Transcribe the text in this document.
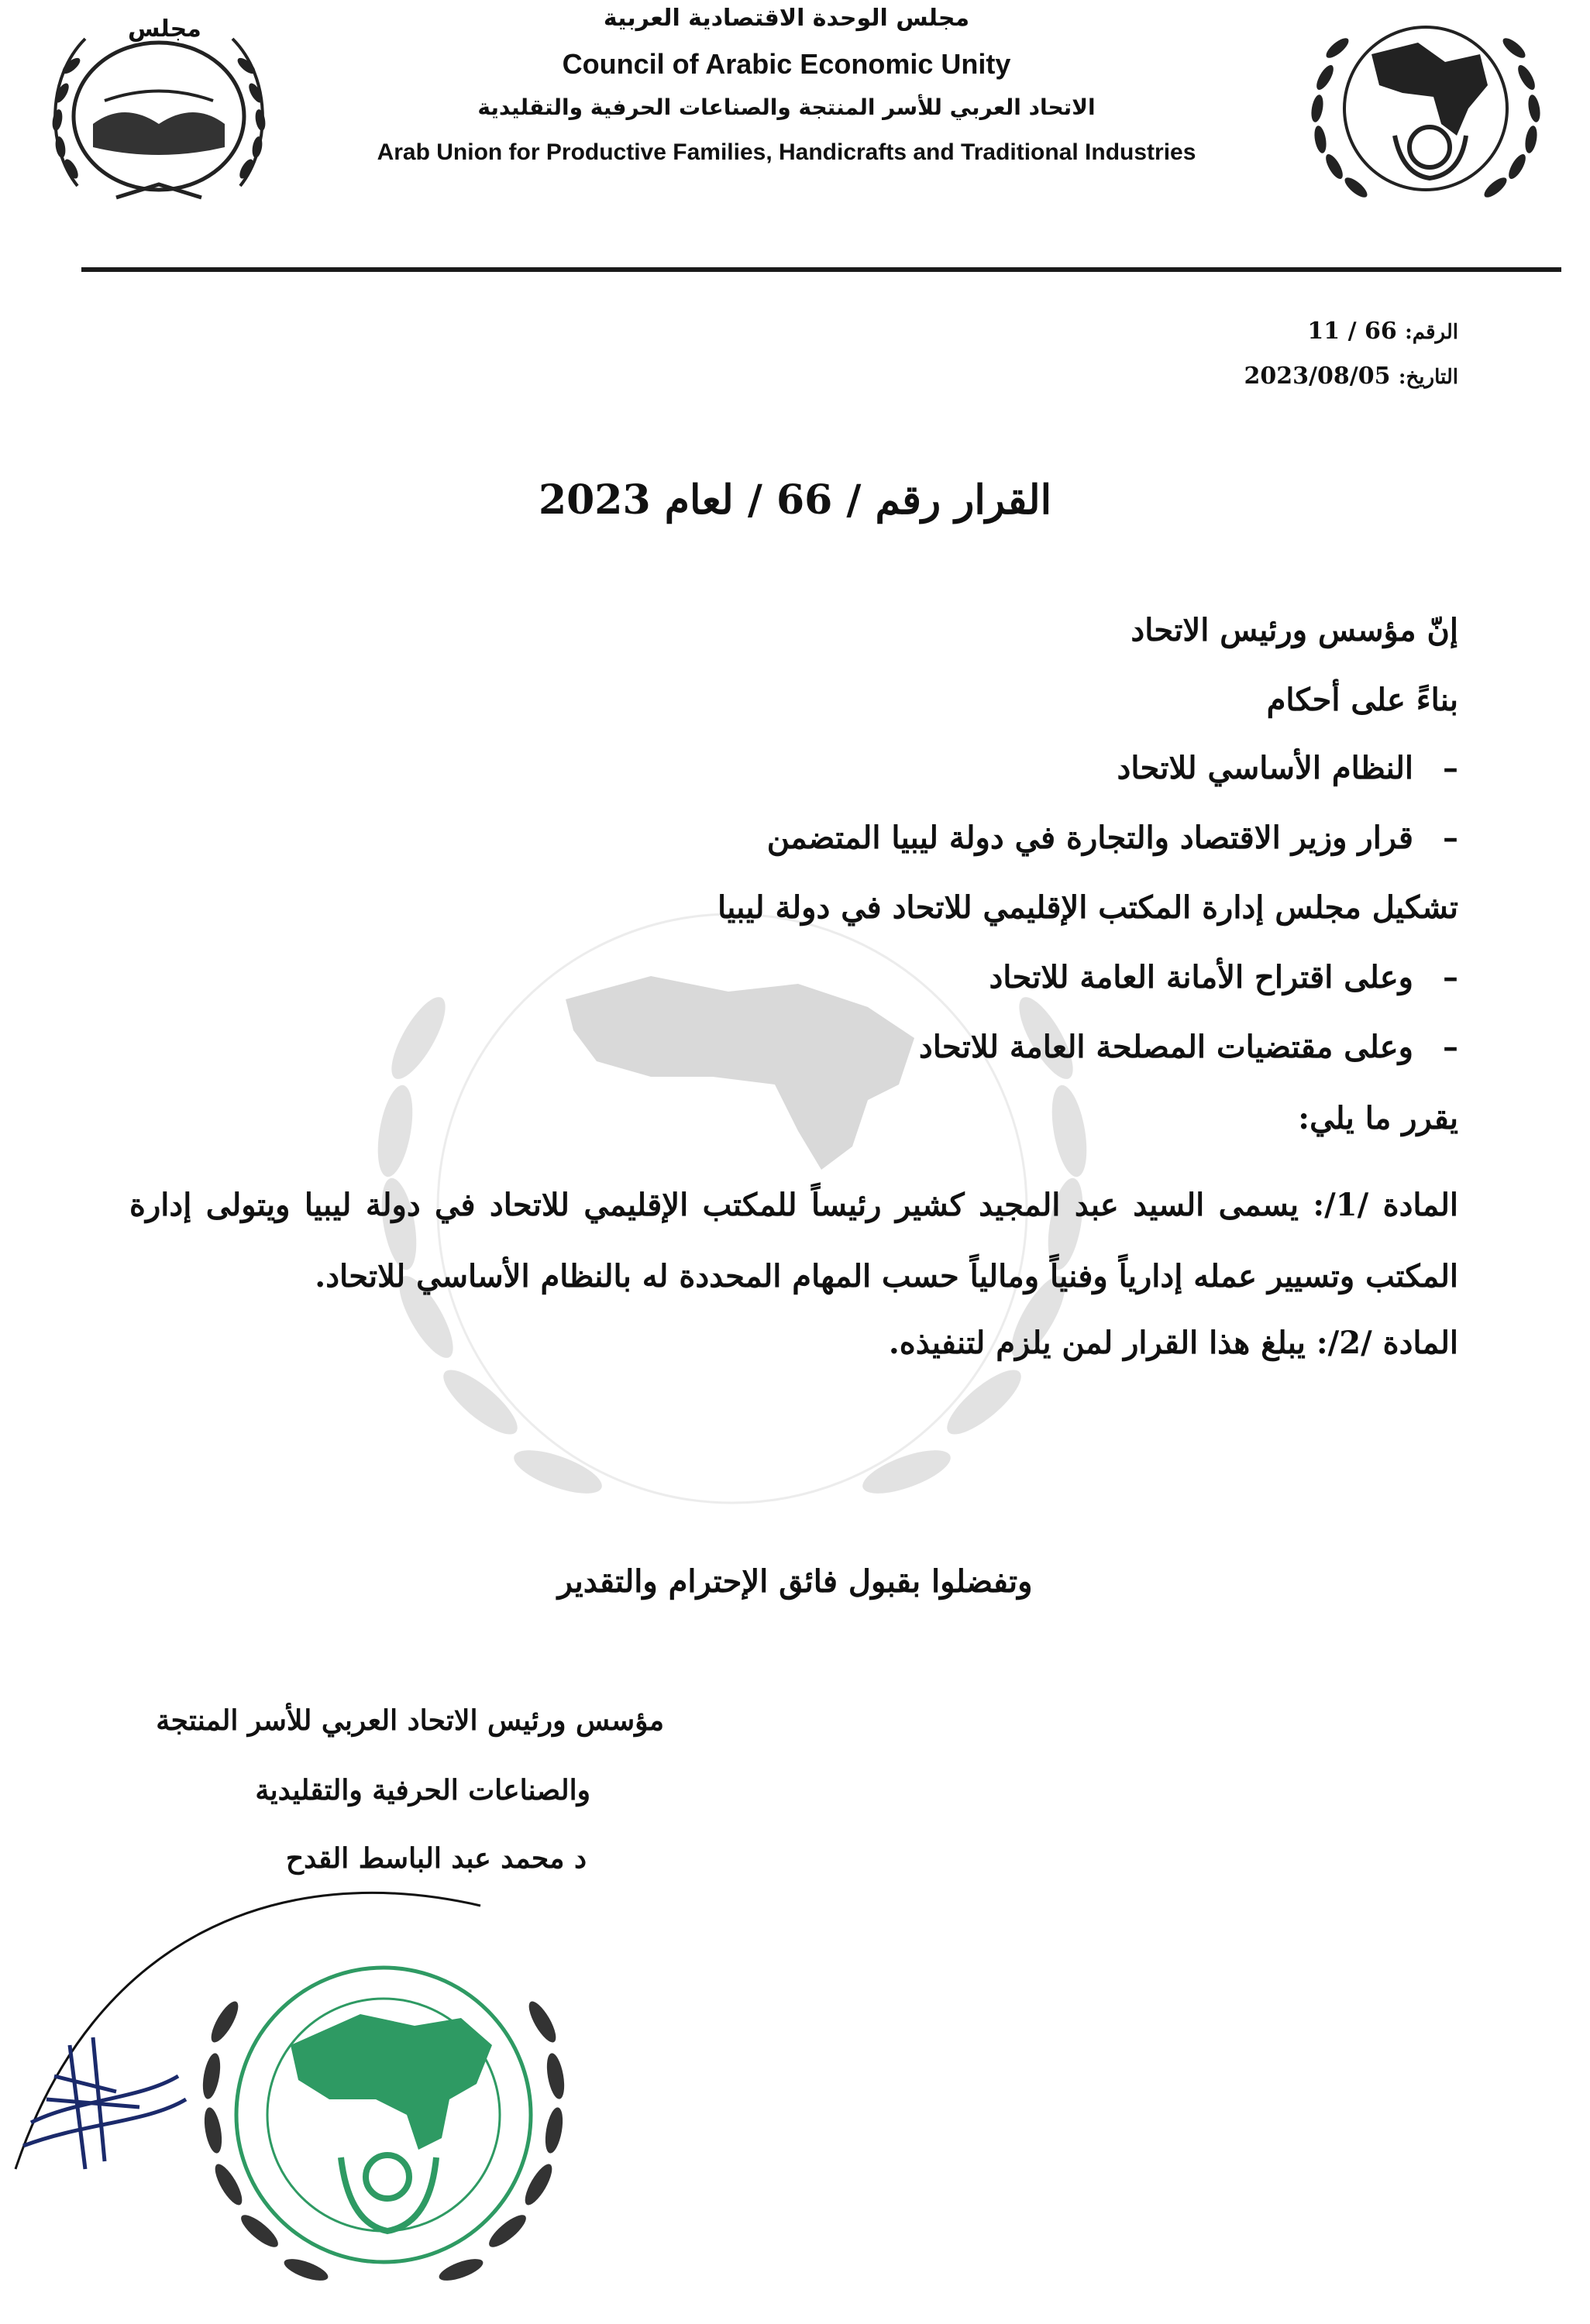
مجلس	مجلس الوحدة الاقتصادية العربية
Council of Arabic Economic Unity
الاتحاد العربي للأسر المنتجة والصناعات الحرفية والتقليدية
Arab Union for Productive Families, Handicrafts and Traditional Industries
الرقم: 11 / 66
التاريخ: 2023/08/05
القرار رقم / 66 / لعام 2023
إنّ مؤسس ورئيس الاتحاد
بناءً على أحكام
– النظام الأساسي للاتحاد
– قرار وزير الاقتصاد والتجارة في دولة ليبيا المتضمن
تشكيل مجلس إدارة المكتب الإقليمي للاتحاد في دولة ليبيا
– وعلى اقتراح الأمانة العامة للاتحاد
– وعلى مقتضيات المصلحة العامة للاتحاد
يقرر ما يلي:
المادة /1/: يسمى السيد عبد المجيد كشير رئيساً للمكتب الإقليمي للاتحاد في دولة ليبيا ويتولى إدارة المكتب وتسيير عمله إدارياً وفنياً ومالياً حسب المهام المحددة له بالنظام الأساسي للاتحاد.
المادة /2/: يبلغ هذا القرار لمن يلزم لتنفيذه.
وتفضلوا بقبول فائق الإحترام والتقدير
مؤسس ورئيس الاتحاد العربي للأسر المنتجة
والصناعات الحرفية والتقليدية
د محمد عبد الباسط القدح
